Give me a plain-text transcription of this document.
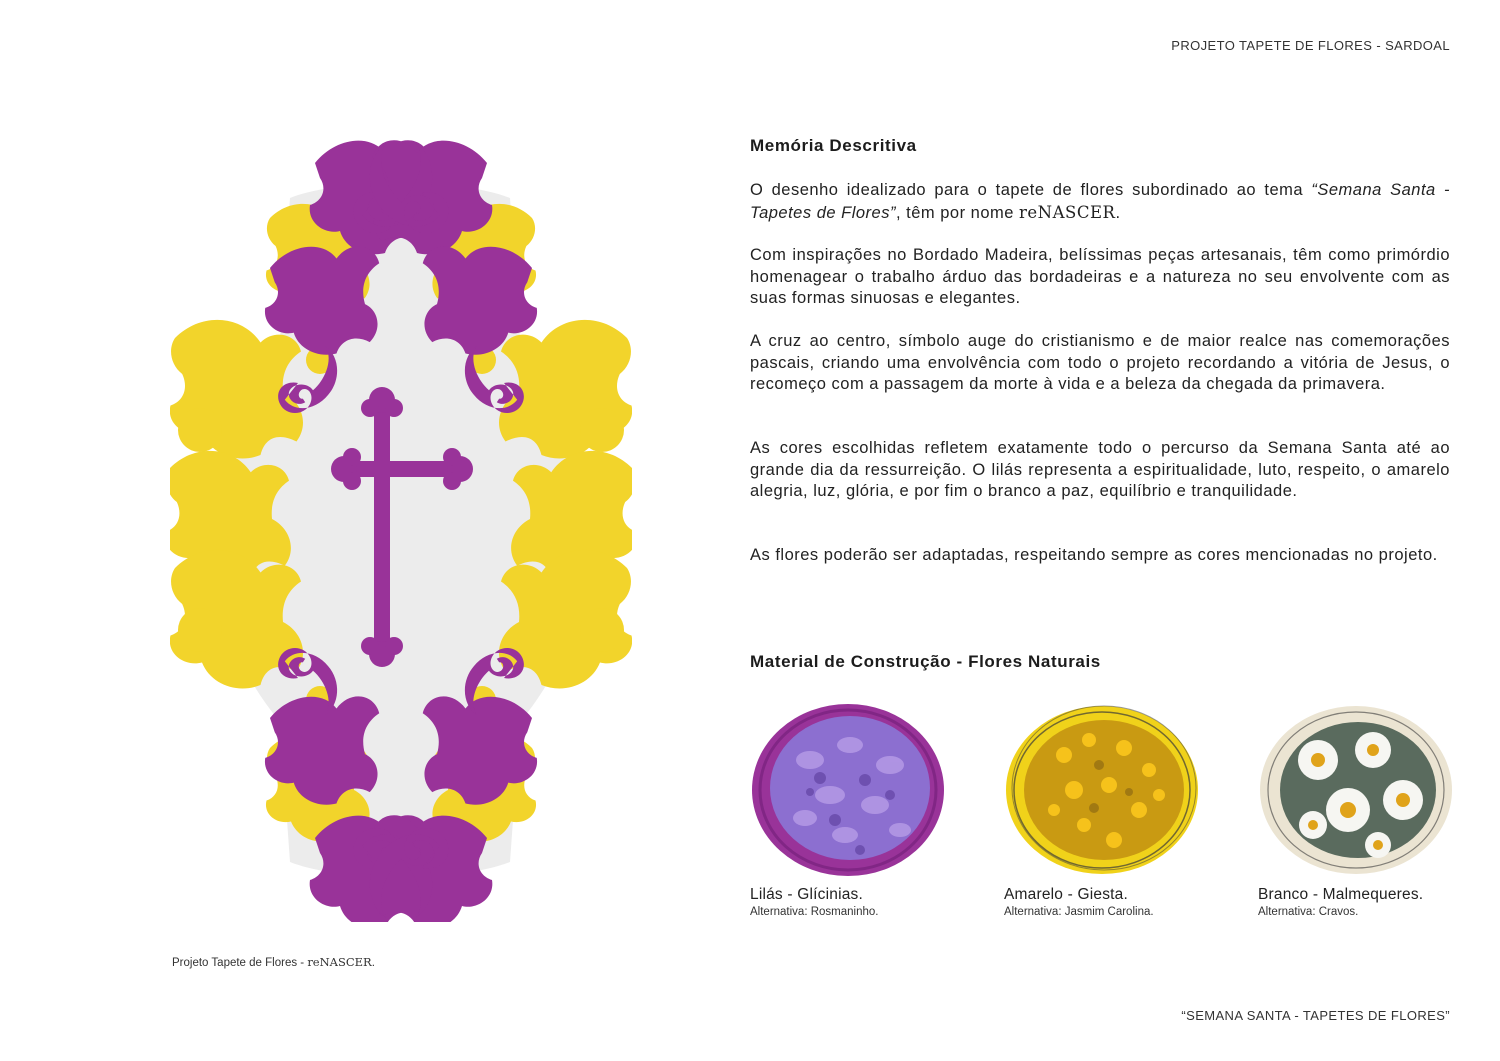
PROJETO TAPETE DE FLORES - SARDOAL
Projeto Tapete de Flores - reNASCER.
Memória Descritiva

O desenho idealizado para o tapete de flores subordinado ao tema “Semana Santa - Tapetes de Flores”, têm por nome reNASCER.

Com inspirações no Bordado Madeira, belíssimas peças artesanais, têm como primórdio homenagear o trabalho árduo das bordadeiras e a natureza no seu envolvente com as suas formas sinuosas e elegantes.

A cruz ao centro, símbolo auge do cristianismo e de maior realce nas comemorações pascais, criando uma envolvência com todo o projeto recordando a vitória de Jesus, o recomeço com a passagem da morte à vida e a beleza da chegada da primavera.

As cores escolhidas refletem exatamente todo o percurso da Semana Santa até ao grande dia da ressurreição. O lilás representa a espiritualidade, luto, respeito, o amarelo alegria, luz, glória, e por fim o branco a paz, equilíbrio e tranquilidade.

As flores poderão ser adaptadas, respeitando sempre as cores mencionadas no projeto.

Material de Construção - Flores Naturais
Lilás - Glícinias.
Alternativa: Rosmaninho.
Amarelo - Giesta.
Alternativa: Jasmim Carolina.
Branco - Malmequeres.
Alternativa: Cravos.
“SEMANA SANTA - TAPETES DE FLORES”
